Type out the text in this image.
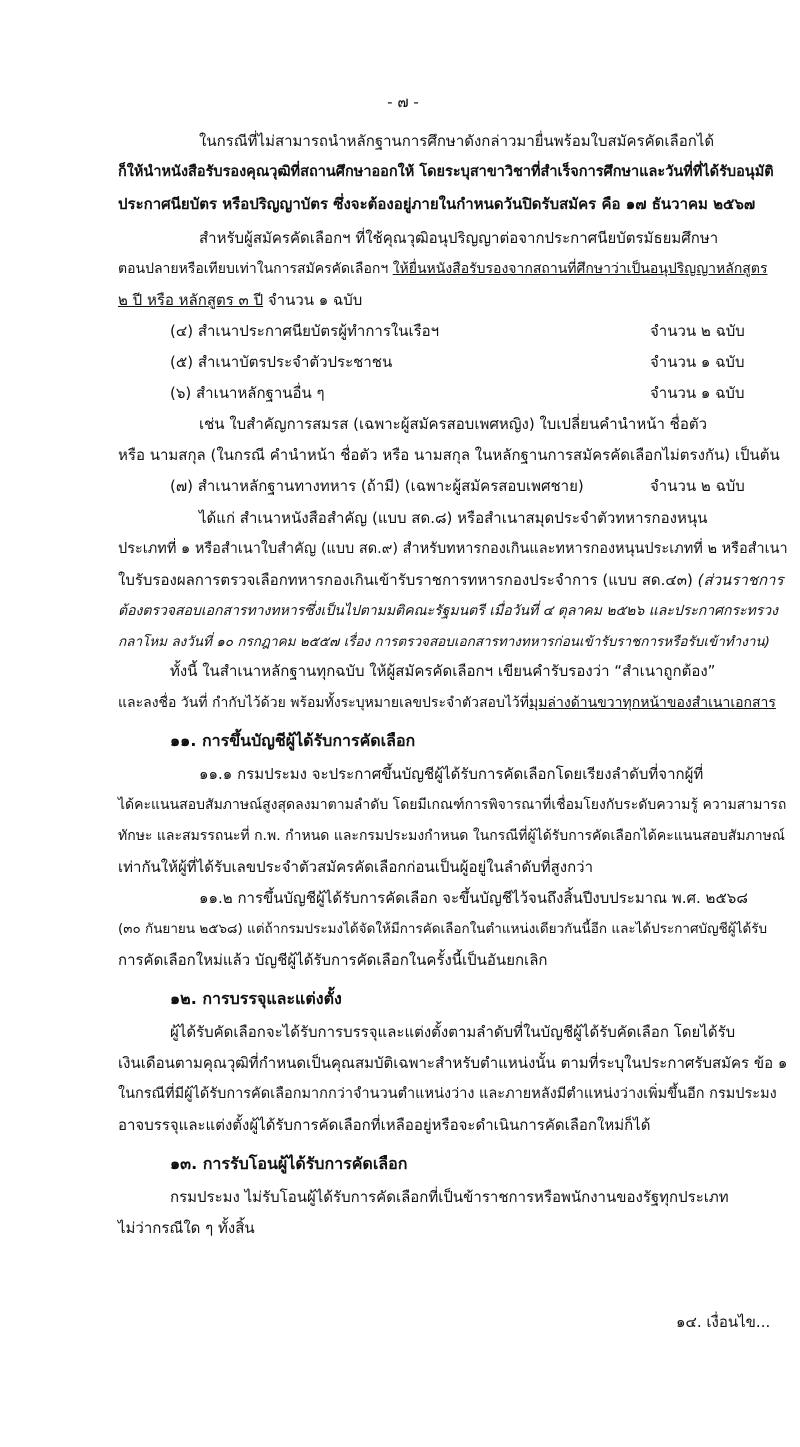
- ๗ -
ในกรณีที่ไม่สามารถนำหลักฐานการศึกษาดังกล่าวมายื่นพร้อมใบสมัครคัดเลือกได้
ก็ให้นำหนังสือรับรองคุณวุฒิที่สถานศึกษาออกให้ โดยระบุสาขาวิชาที่สำเร็จการศึกษาและวันที่ที่ได้รับอนุมัติ
ประกาศนียบัตร หรือปริญญาบัตร ซึ่งจะต้องอยู่ภายในกำหนดวันปิดรับสมัคร คือ ๑๗ ธันวาคม ๒๕๖๗
สำหรับผู้สมัครคัดเลือกฯ ที่ใช้คุณวุฒิอนุปริญญาต่อจากประกาศนียบัตรมัธยมศึกษา
ตอนปลายหรือเทียบเท่าในการสมัครคัดเลือกฯ ให้ยื่นหนังสือรับรองจากสถานที่ศึกษาว่าเป็นอนุปริญญาหลักสูตร
๒ ปี หรือ หลักสูตร ๓ ปี จำนวน ๑ ฉบับ
(๔) สำเนาประกาศนียบัตรผู้ทำการในเรือฯ	จำนวน ๒ ฉบับ
(๕) สำเนาบัตรประจำตัวประชาชน	จำนวน ๑ ฉบับ
(๖) สำเนาหลักฐานอื่น ๆ	จำนวน ๑ ฉบับ
เช่น ใบสำคัญการสมรส (เฉพาะผู้สมัครสอบเพศหญิง) ใบเปลี่ยนคำนำหน้า ชื่อตัว
หรือ นามสกุล (ในกรณี คำนำหน้า ชื่อตัว หรือ นามสกุล ในหลักฐานการสมัครคัดเลือกไม่ตรงกัน) เป็นต้น
(๗) สำเนาหลักฐานทางทหาร (ถ้ามี) (เฉพาะผู้สมัครสอบเพศชาย)	จำนวน ๒ ฉบับ
ได้แก่ สำเนาหนังสือสำคัญ (แบบ สด.๘) หรือสำเนาสมุดประจำตัวทหารกองหนุน
ประเภทที่ ๑ หรือสำเนาใบสำคัญ (แบบ สด.๙) สำหรับทหารกองเกินและทหารกองหนุนประเภทที่ ๒ หรือสำเนา
ใบรับรองผลการตรวจเลือกทหารกองเกินเข้ารับราชการทหารกองประจำการ (แบบ สด.๔๓) (ส่วนราชการ
ต้องตรวจสอบเอกสารทางทหารซึ่งเป็นไปตามมติคณะรัฐมนตรี เมื่อวันที่ ๔ ตุลาคม ๒๕๒๖ และประกาศกระทรวง
กลาโหม ลงวันที่ ๑๐ กรกฎาคม ๒๕๕๗ เรื่อง การตรวจสอบเอกสารทางทหารก่อนเข้ารับราชการหรือรับเข้าทำงาน)
ทั้งนี้ ในสำเนาหลักฐานทุกฉบับ ให้ผู้สมัครคัดเลือกฯ เขียนคำรับรองว่า “สำเนาถูกต้อง”
และลงชื่อ วันที่ กำกับไว้ด้วย พร้อมทั้งระบุหมายเลขประจำตัวสอบไว้ที่มุมล่างด้านขวาทุกหน้าของสำเนาเอกสาร
๑๑. การขึ้นบัญชีผู้ได้รับการคัดเลือก
๑๑.๑ กรมประมง จะประกาศขึ้นบัญชีผู้ได้รับการคัดเลือกโดยเรียงลำดับที่จากผู้ที่
ได้คะแนนสอบสัมภาษณ์สูงสุดลงมาตามลำดับ โดยมีเกณฑ์การพิจารณาที่เชื่อมโยงกับระดับความรู้ ความสามารถ
ทักษะ และสมรรถนะที่ ก.พ. กำหนด และกรมประมงกำหนด ในกรณีที่ผู้ได้รับการคัดเลือกได้คะแนนสอบสัมภาษณ์
เท่ากันให้ผู้ที่ได้รับเลขประจำตัวสมัครคัดเลือกก่อนเป็นผู้อยู่ในลำดับที่สูงกว่า
๑๑.๒ การขึ้นบัญชีผู้ได้รับการคัดเลือก จะขึ้นบัญชีไว้จนถึงสิ้นปีงบประมาณ พ.ศ. ๒๕๖๘
(๓๐ กันยายน ๒๕๖๘) แต่ถ้ากรมประมงได้จัดให้มีการคัดเลือกในตำแหน่งเดียวกันนี้อีก และได้ประกาศบัญชีผู้ได้รับ
การคัดเลือกใหม่แล้ว บัญชีผู้ได้รับการคัดเลือกในครั้งนี้เป็นอันยกเลิก
๑๒. การบรรจุและแต่งตั้ง
ผู้ได้รับคัดเลือกจะได้รับการบรรจุและแต่งตั้งตามลำดับที่ในบัญชีผู้ได้รับคัดเลือก โดยได้รับ
เงินเดือนตามคุณวุฒิที่กำหนดเป็นคุณสมบัติเฉพาะสำหรับตำแหน่งนั้น ตามที่ระบุในประกาศรับสมัคร ข้อ ๑
ในกรณีที่มีผู้ได้รับการคัดเลือกมากกว่าจำนวนตำแหน่งว่าง และภายหลังมีตำแหน่งว่างเพิ่มขึ้นอีก กรมประมง
อาจบรรจุและแต่งตั้งผู้ได้รับการคัดเลือกที่เหลืออยู่หรือจะดำเนินการคัดเลือกใหม่ก็ได้
๑๓. การรับโอนผู้ได้รับการคัดเลือก
กรมประมง ไม่รับโอนผู้ได้รับการคัดเลือกที่เป็นข้าราชการหรือพนักงานของรัฐทุกประเภท
ไม่ว่ากรณีใด ๆ ทั้งสิ้น
๑๔. เงื่อนไข...
